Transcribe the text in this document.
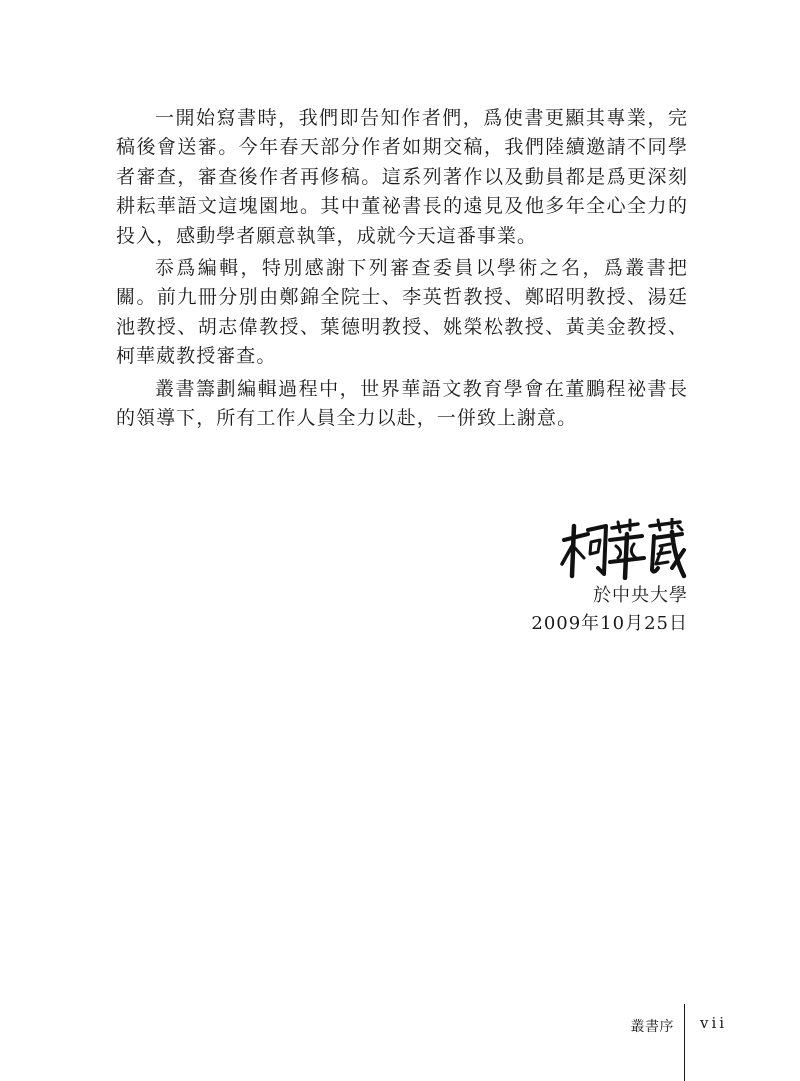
一開始寫書時，我們即告知作者們，爲使書更顯其專業，完稿後會送審。今年春天部分作者如期交稿，我們陸續邀請不同學者審查，審查後作者再修稿。這系列著作以及動員都是爲更深刻耕耘華語文這塊園地。其中董祕書長的遠見及他多年全心全力的投入，感動學者願意執筆，成就今天這番事業。

忝爲編輯，特別感謝下列審查委員以學術之名，爲叢書把關。前九冊分別由鄭錦全院士、李英哲教授、鄭昭明教授、湯廷池教授、胡志偉教授、葉德明教授、姚榮松教授、黃美金教授、柯華葳教授審查。

叢書籌劃編輯過程中，世界華語文教育學會在董鵬程祕書長的領導下，所有工作人員全力以赴，一併致上謝意。

於中央大學
2009年10月25日
叢書序 vii
